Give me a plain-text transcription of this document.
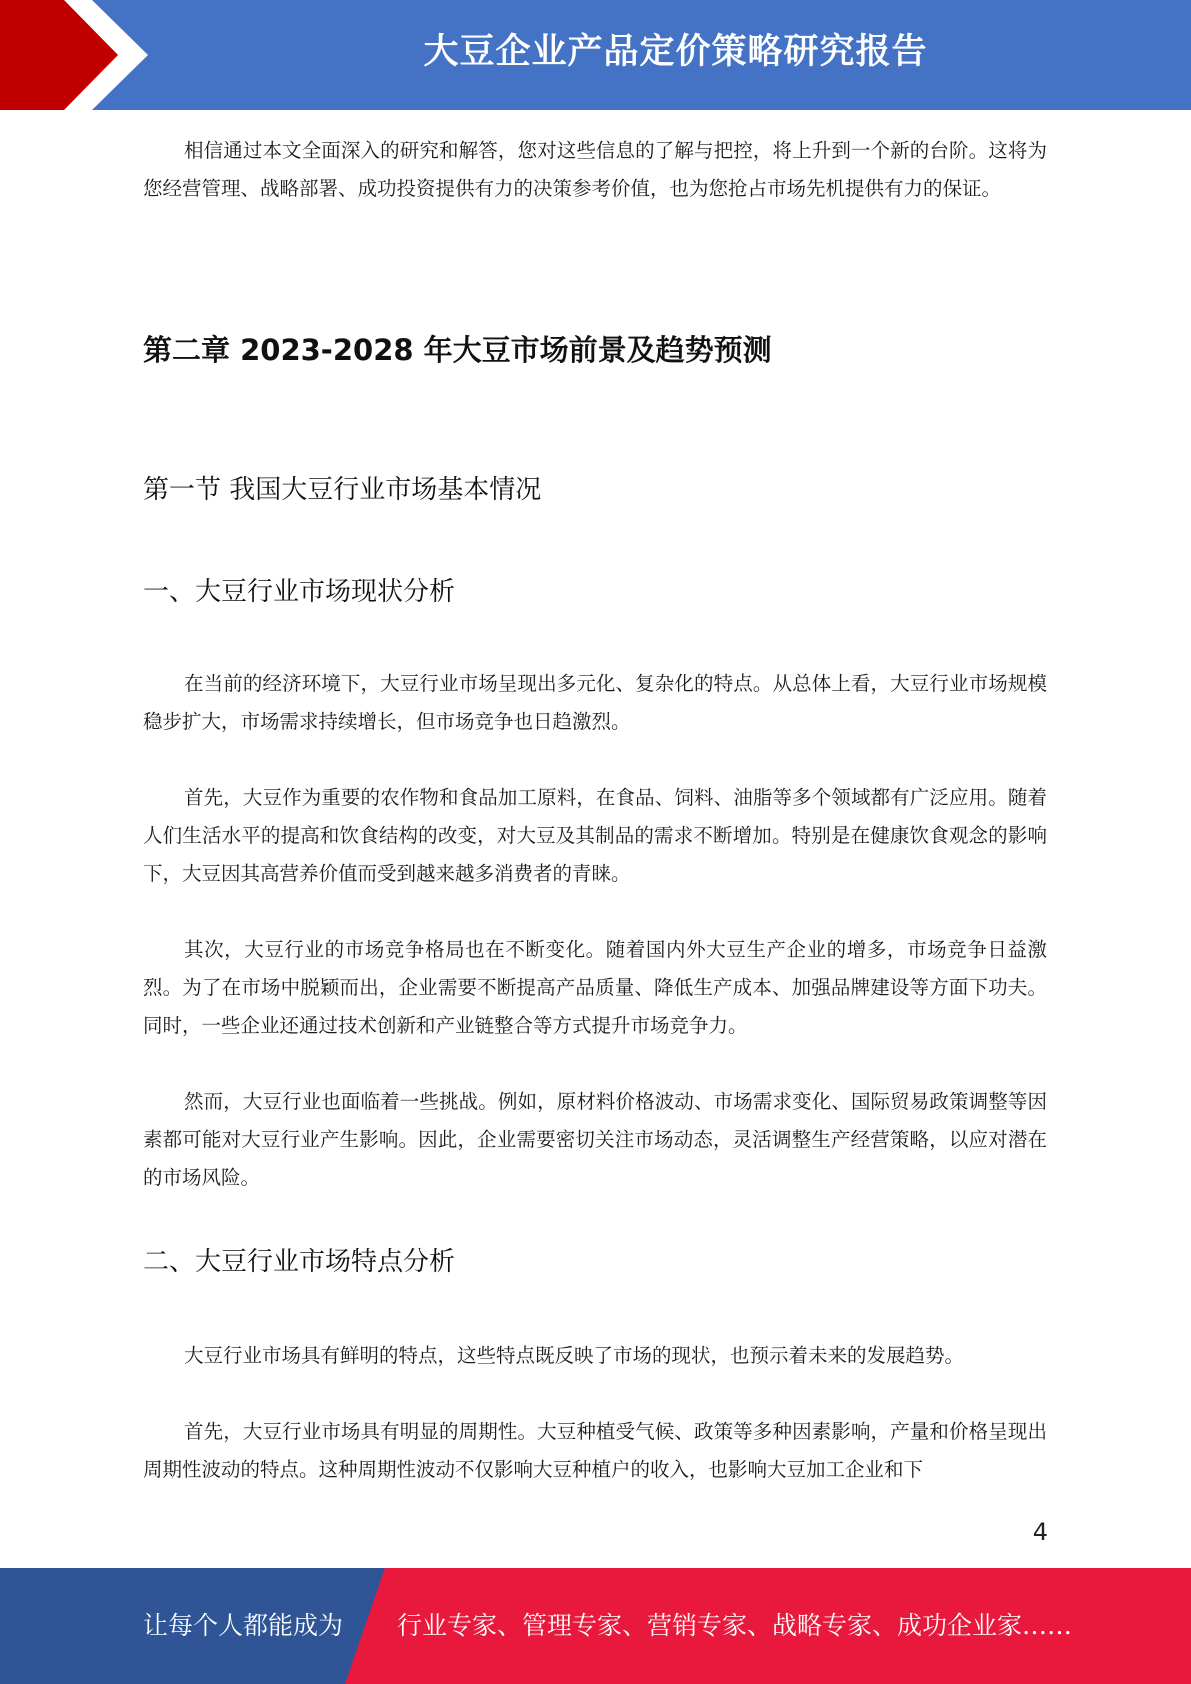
大豆企业产品定价策略研究报告

相信通过本文全面深入的研究和解答，您对这些信息的了解与把控，将上升到一个新的台阶。这将为您经营管理、战略部署、成功投资提供有力的决策参考价值，也为您抢占市场先机提供有力的保证。

第二章 2023-2028 年大豆市场前景及趋势预测
第一节 我国大豆行业市场基本情况
一、大豆行业市场现状分析

在当前的经济环境下，大豆行业市场呈现出多元化、复杂化的特点。从总体上看，大豆行业市场规模稳步扩大，市场需求持续增长，但市场竞争也日趋激烈。

首先，大豆作为重要的农作物和食品加工原料，在食品、饲料、油脂等多个领域都有广泛应用。随着人们生活水平的提高和饮食结构的改变，对大豆及其制品的需求不断增加。特别是在健康饮食观念的影响下，大豆因其高营养价值而受到越来越多消费者的青睐。

其次，大豆行业的市场竞争格局也在不断变化。随着国内外大豆生产企业的增多，市场竞争日益激烈。为了在市场中脱颖而出，企业需要不断提高产品质量、降低生产成本、加强品牌建设等方面下功夫。同时，一些企业还通过技术创新和产业链整合等方式提升市场竞争力。

然而，大豆行业也面临着一些挑战。例如，原材料价格波动、市场需求变化、国际贸易政策调整等因素都可能对大豆行业产生影响。因此，企业需要密切关注市场动态，灵活调整生产经营策略，以应对潜在的市场风险。

二、大豆行业市场特点分析

大豆行业市场具有鲜明的特点，这些特点既反映了市场的现状，也预示着未来的发展趋势。

首先，大豆行业市场具有明显的周期性。大豆种植受气候、政策等多种因素影响，产量和价格呈现出周期性波动的特点。这种周期性波动不仅影响大豆种植户的收入，也影响大豆加工企业和下

4
让每个人都能成为 行业专家、管理专家、营销专家、战略专家、成功企业家……
